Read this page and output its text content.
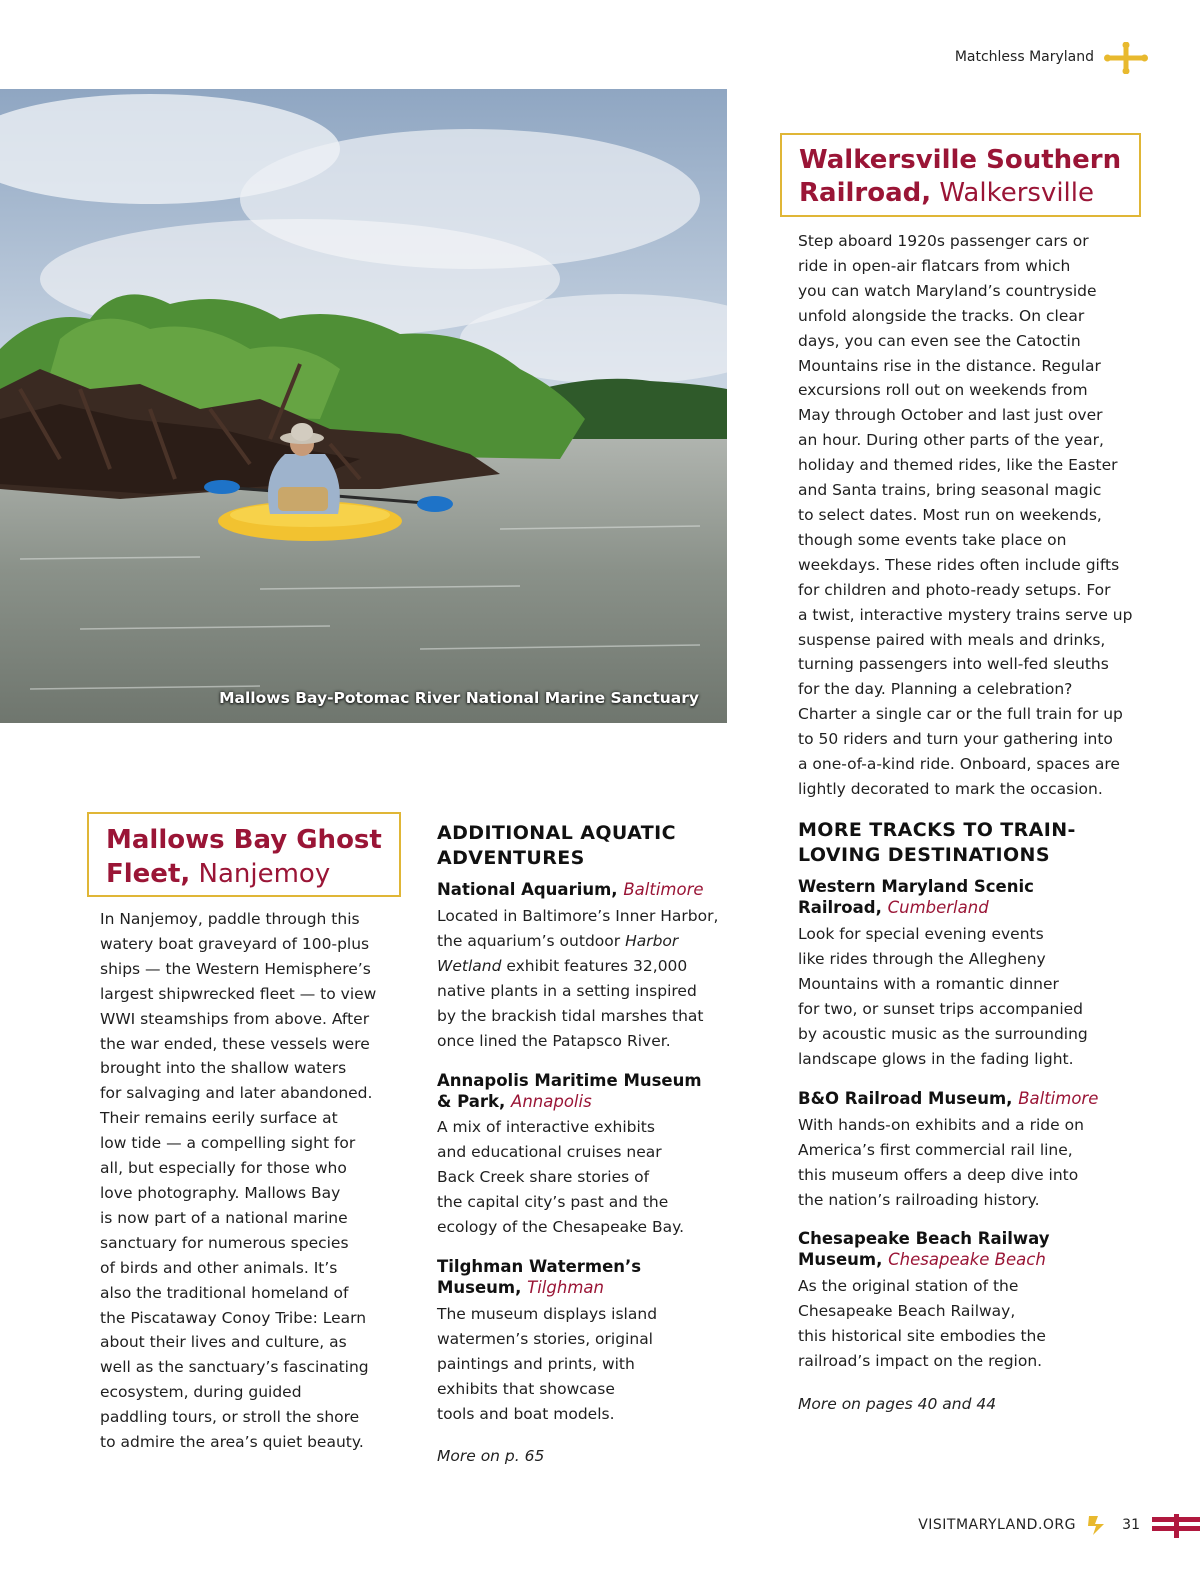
Matchless Maryland
Mallows Bay-Potomac River National Marine Sanctuary
Walkersville Southern Railroad, Walkersville
Step aboard 1920s passenger cars or
ride in open-air flatcars from which
you can watch Maryland’s countryside
unfold alongside the tracks. On clear
days, you can even see the Catoctin
Mountains rise in the distance. Regular
excursions roll out on weekends from
May through October and last just over
an hour. During other parts of the year,
holiday and themed rides, like the Easter
and Santa trains, bring seasonal magic
to select dates. Most run on weekends,
though some events take place on
weekdays. These rides often include gifts
for children and photo-ready setups. For
a twist, interactive mystery trains serve up
suspense paired with meals and drinks,
turning passengers into well-fed sleuths
for the day. Planning a celebration?
Charter a single car or the full train for up
to 50 riders and turn your gathering into
a one-of-a-kind ride. Onboard, spaces are
lightly decorated to mark the occasion.
Mallows Bay Ghost Fleet, Nanjemoy
In Nanjemoy, paddle through this
watery boat graveyard of 100-plus
ships — the Western Hemisphere’s
largest shipwrecked fleet — to view
WWI steamships from above. After
the war ended, these vessels were
brought into the shallow waters
for salvaging and later abandoned.
Their remains eerily surface at
low tide — a compelling sight for
all, but especially for those who
love photography. Mallows Bay
is now part of a national marine
sanctuary for numerous species
of birds and other animals. It’s
also the traditional homeland of
the Piscataway Conoy Tribe: Learn
about their lives and culture, as
well as the sanctuary’s fascinating
ecosystem, during guided
paddling tours, or stroll the shore
to admire the area’s quiet beauty.
ADDITIONAL AQUATIC
ADVENTURES
National Aquarium, Baltimore
Located in Baltimore’s Inner Harbor,
the aquarium’s outdoor Harbor
Wetland exhibit features 32,000
native plants in a setting inspired
by the brackish tidal marshes that
once lined the Patapsco River.
Annapolis Maritime Museum
& Park, Annapolis
A mix of interactive exhibits
and educational cruises near
Back Creek share stories of
the capital city’s past and the
ecology of the Chesapeake Bay.
Tilghman Watermen’s
Museum, Tilghman
The museum displays island
watermen’s stories, original
paintings and prints, with
exhibits that showcase
tools and boat models.
More on p. 65
MORE TRACKS TO TRAIN-
LOVING DESTINATIONS
Western Maryland Scenic
Railroad, Cumberland
Look for special evening events
like rides through the Allegheny
Mountains with a romantic dinner
for two, or sunset trips accompanied
by acoustic music as the surrounding
landscape glows in the fading light.
B&O Railroad Museum, Baltimore
With hands-on exhibits and a ride on
America’s first commercial rail line,
this museum offers a deep dive into
the nation’s railroading history.
Chesapeake Beach Railway
Museum, Chesapeake Beach
As the original station of the
Chesapeake Beach Railway,
this historical site embodies the
railroad’s impact on the region.
More on pages 40 and 44
VISITMARYLAND.ORG	31
